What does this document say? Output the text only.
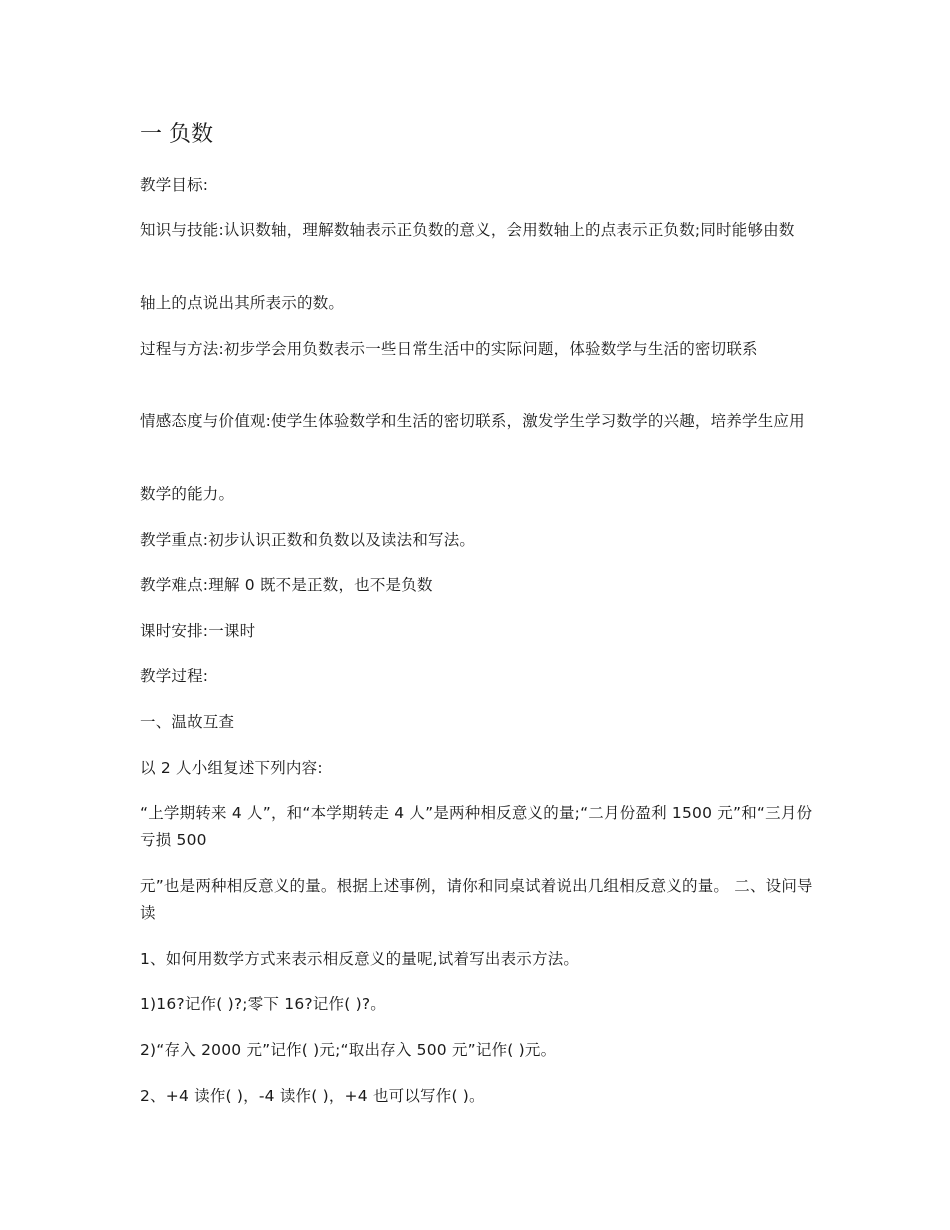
一 负数
教学目标:
知识与技能:认识数轴，理解数轴表示正负数的意义，会用数轴上的点表示正负数;同时能够由数
轴上的点说出其所表示的数。
过程与方法:初步学会用负数表示一些日常生活中的实际问题，体验数学与生活的密切联系
情感态度与价值观:使学生体验数学和生活的密切联系，激发学生学习数学的兴趣，培养学生应用
数学的能力。
教学重点:初步认识正数和负数以及读法和写法。
教学难点:理解 0 既不是正数，也不是负数
课时安排:一课时
教学过程:
一、温故互查
以 2 人小组复述下列内容:
“上学期转来 4 人”，和“本学期转走 4 人”是两种相反意义的量;“二月份盈利 1500 元”和“三月份亏损 500
元”也是两种相反意义的量。根据上述事例，请你和同桌试着说出几组相反意义的量。 二、设问导读
1、如何用数学方式来表示相反意义的量呢,试着写出表示方法。
1)16?记作( )?;零下 16?记作( )?。
2)“存入 2000 元”记作( )元;“取出存入 500 元”记作( )元。
2、+4 读作( )，-4 读作( )，+4 也可以写作( )。
